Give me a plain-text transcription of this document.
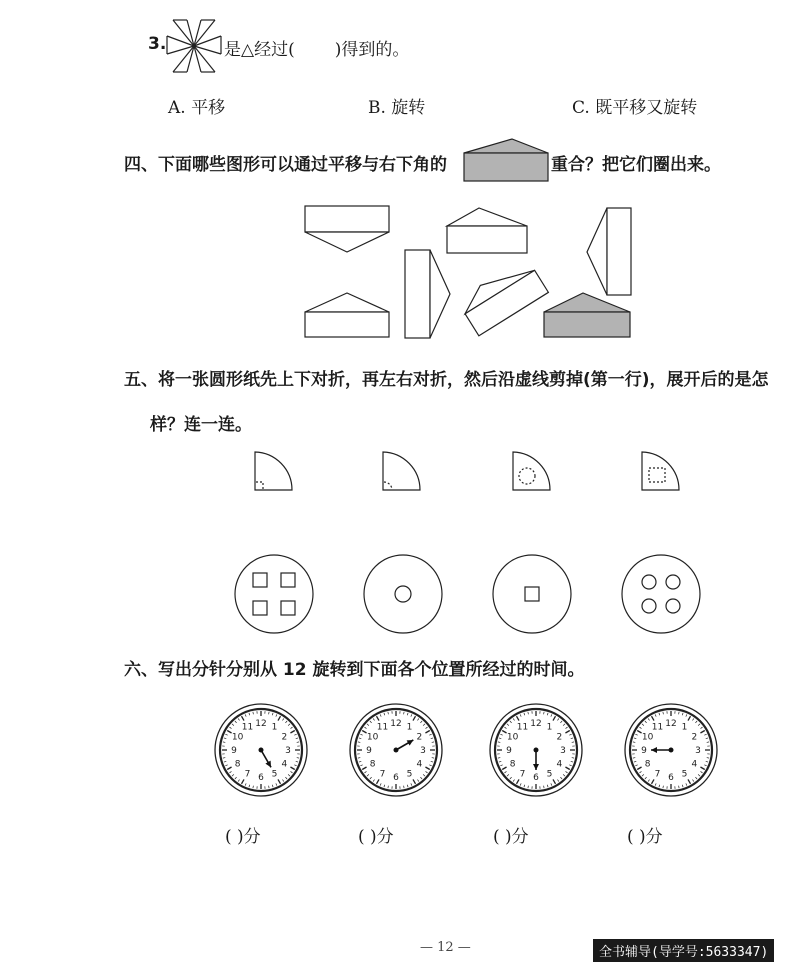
3.	是△经过( )得到的。
A. 平移	B. 旋转	C. 既平移又旋转
四、下面哪些图形可以通过平移与右下角的	重合？把它们圈出来。
五、将一张圆形纸先上下对折，再左右对折，然后沿虚线剪掉(第一行)，展开后的是怎
样？连一连。
六、写出分针分别从 12 旋转到下面各个位置所经过的时间。
12 1
2
3
4
5
6
7
8
9
10
11	12 1
2
3
4
5
6
7
8
9
10
11	12 1
2
3
4
5
6
7
8
9
10
11	12 1
2
3
4
5
6
7
8
9
10
11
( )分	( )分	( )分	( )分
— 12 —	全书辅导(导学号:5633347)
